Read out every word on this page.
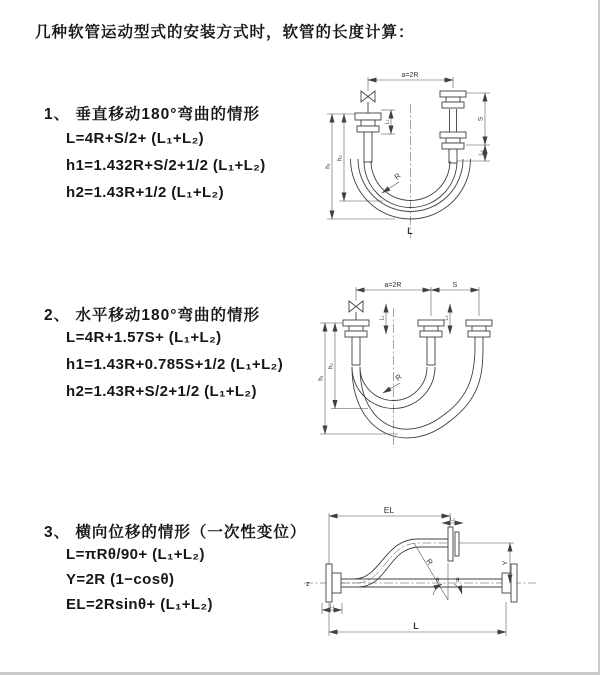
几种软管运动型式的安装方式时，软管的长度计算：
1、 垂直移动180°弯曲的情形
L=4R+S/2+ (L₁+L₂)
h1=1.432R+S/2+1/2 (L₁+L₂)
h2=1.43R+1/2 (L₁+L₂)
2、 水平移动180°弯曲的情形
L=4R+1.57S+ (L₁+L₂)
h1=1.43R+0.785S+1/2 (L₁+L₂)
h2=1.43R+S/2+1/2 (L₁+L₂)
3、 横向位移的情形（一次性变位）
L=πRθ/90+ (L₁+L₂)
Y=2R (1−cosθ)
EL=2Rsinθ+ (L₁+L₂)
a=2R
S
L₂
L₁
h₁
h₂
R
L
a=2R	S
L₁	L₂
h₁
h₂
R
z
EL
L₂
Y
L₁
L
θ	θ
R
